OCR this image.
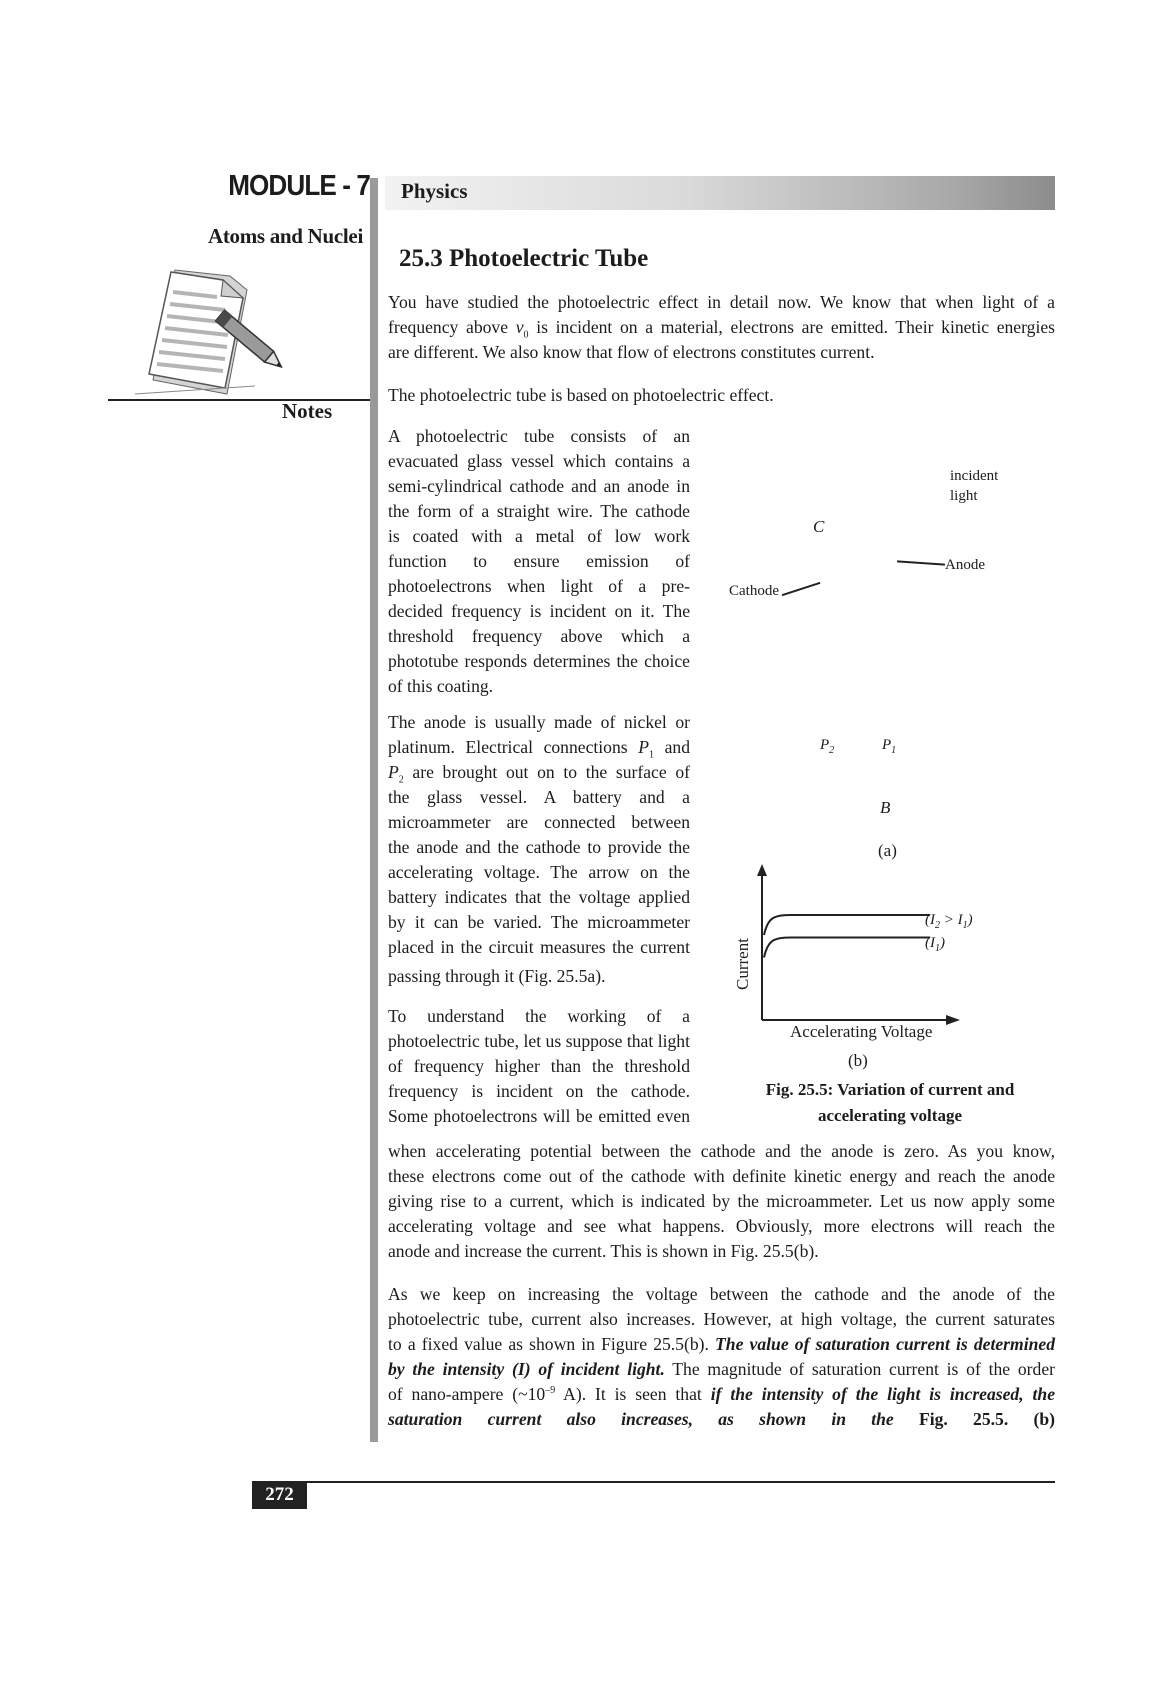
MODULE - 7
Atoms and Nuclei
Notes
Physics
25.3 Photoelectric Tube
You have studied the photoelectric effect in detail now. We know that when light of a
frequency above $v_0$ is incident on a material, electrons are emitted. Their kinetic energies
are different. We also know that flow of electrons constitutes current.
The photoelectric tube is based on photoelectric effect.
A photoelectric tube consists of an
evacuated glass vessel which contains a
semi-cylindrical cathode and an anode in
the form of a straight wire. The cathode
is coated with a metal of low work
function to ensure emission of
photoelectrons when light of a pre-
decided frequency is incident on it. The
threshold frequency above which a
phototube responds determines the choice
of this coating.
The anode is usually made of nickel or
platinum. Electrical connections $P_1$ and
$P_2$ are brought out on to the surface of
the glass vessel. A battery and a
microammeter are connected between
the anode and the cathode to provide the
accelerating voltage. The arrow on the
battery indicates that the voltage applied
by it can be varied. The microammeter
placed in the circuit measures the current
passing through it (Fig. 25.5a).
To understand the working of a
photoelectric tube, let us suppose that light
of frequency higher than the threshold
frequency is incident on the cathode.
Some photoelectrons will be emitted even
when accelerating potential between the cathode and the anode is zero. As you know,
these electrons come out of the cathode with definite kinetic energy and reach the anode
giving rise to a current, which is indicated by the microammeter. Let us now apply some
accelerating voltage and see what happens. Obviously, more electrons will reach the
anode and increase the current. This is shown in Fig. 25.5(b).
As we keep on increasing the voltage between the cathode and the anode of the
photoelectric tube, current also increases. However, at high voltage, the current saturates
to a fixed value as shown in Figure 25.5(b). The value of saturation current is determined
by the intensity (I) of incident light. The magnitude of saturation current is of the order
of nano-ampere ($\sim 10^{-9}$ A). It is seen that if the intensity of the light is increased, the
saturation current also increases, as shown in the Fig. 25.5. (b)
incident
light
C
Anode
Cathode
$P_2$	$P_1$
B
(a)
Current
$(I_2 > I_1)$
$(I_1)$
Accelerating Voltage
(b)
Fig. 25.5: Variation of current and
accelerating voltage
272
